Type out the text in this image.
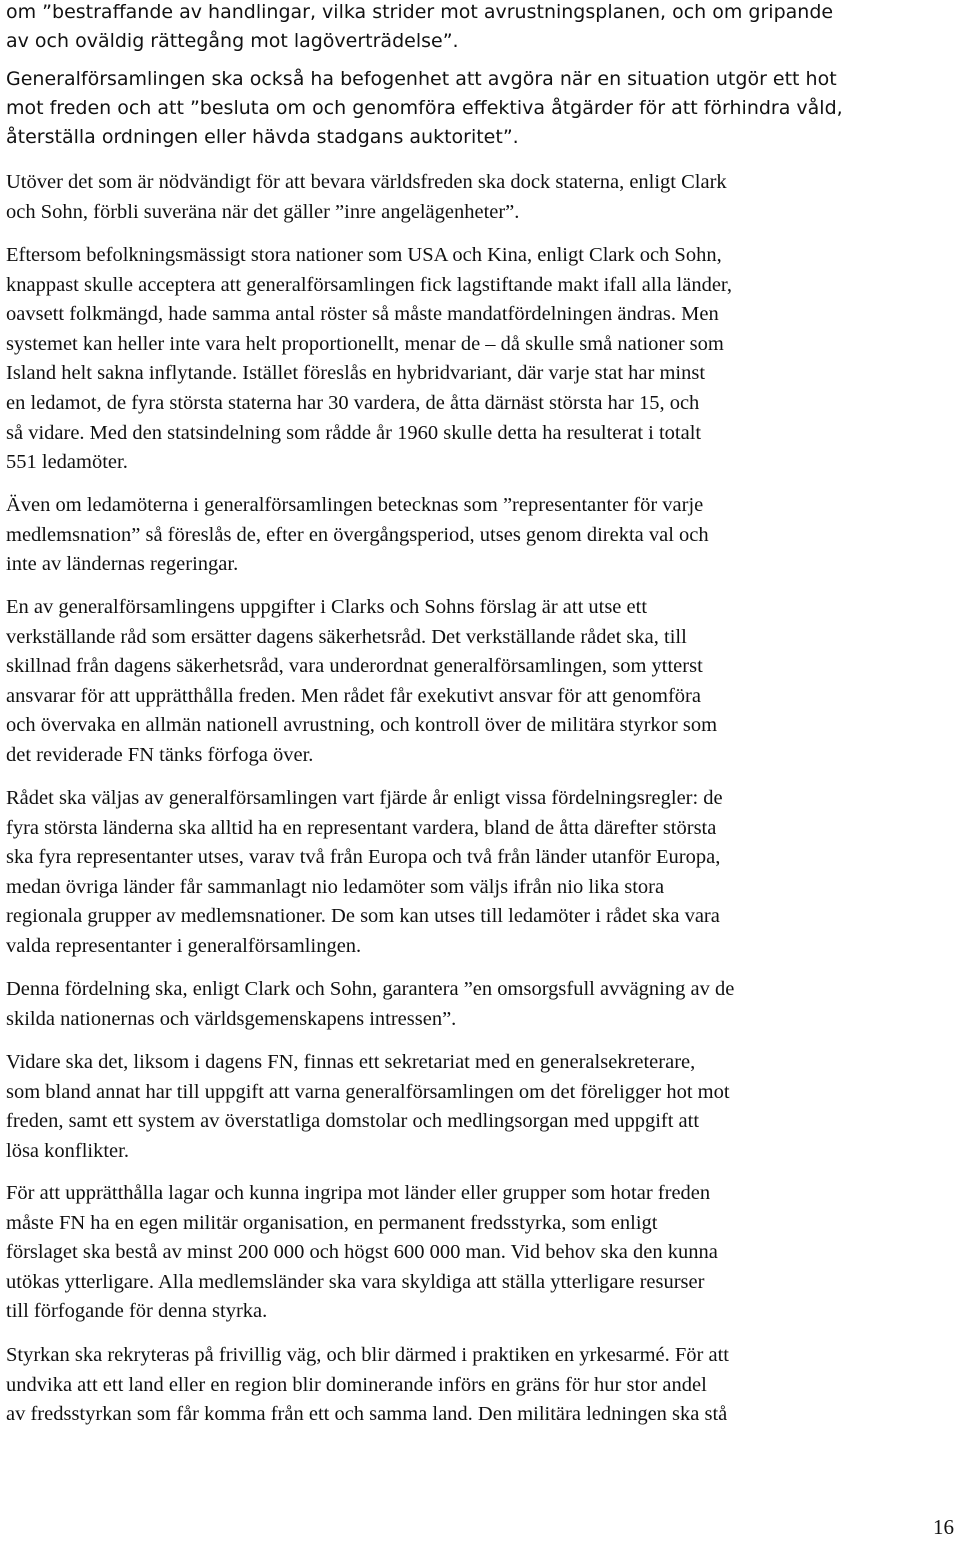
om ”bestraffande av handlingar, vilka strider mot avrustningsplanen, och om gripande
av och oväldig rättegång mot lagöverträdelse”.

Generalförsamlingen ska också ha befogenhet att avgöra när en situation utgör ett hot
mot freden och att ”besluta om och genomföra effektiva åtgärder för att förhindra våld,
återställa ordningen eller hävda stadgans auktoritet”.

Utöver det som är nödvändigt för att bevara världsfreden ska dock staterna, enligt Clark
och Sohn, förbli suveräna när det gäller ”inre angelägenheter”.

Eftersom befolkningsmässigt stora nationer som USA och Kina, enligt Clark och Sohn,
knappast skulle acceptera att generalförsamlingen fick lagstiftande makt ifall alla länder,
oavsett folkmängd, hade samma antal röster så måste mandatfördelningen ändras. Men
systemet kan heller inte vara helt proportionellt, menar de – då skulle små nationer som
Island helt sakna inflytande. Istället föreslås en hybridvariant, där varje stat har minst
en ledamot, de fyra största staterna har 30 vardera, de åtta därnäst största har 15, och
så vidare. Med den statsindelning som rådde år 1960 skulle detta ha resulterat i totalt
551 ledamöter.

Även om ledamöterna i generalförsamlingen betecknas som ”representanter för varje
medlemsnation” så föreslås de, efter en övergångsperiod, utses genom direkta val och
inte av ländernas regeringar.

En av generalförsamlingens uppgifter i Clarks och Sohns förslag är att utse ett
verkställande råd som ersätter dagens säkerhetsråd. Det verkställande rådet ska, till
skillnad från dagens säkerhetsråd, vara underordnat generalförsamlingen, som ytterst
ansvarar för att upprätthålla freden. Men rådet får exekutivt ansvar för att genomföra
och övervaka en allmän nationell avrustning, och kontroll över de militära styrkor som
det reviderade FN tänks förfoga över.

Rådet ska väljas av generalförsamlingen vart fjärde år enligt vissa fördelningsregler: de
fyra största länderna ska alltid ha en representant vardera, bland de åtta därefter största
ska fyra representanter utses, varav två från Europa och två från länder utanför Europa,
medan övriga länder får sammanlagt nio ledamöter som väljs ifrån nio lika stora
regionala grupper av medlemsnationer. De som kan utses till ledamöter i rådet ska vara
valda representanter i generalförsamlingen.

Denna fördelning ska, enligt Clark och Sohn, garantera ”en omsorgsfull avvägning av de
skilda nationernas och världsgemenskapens intressen”.

Vidare ska det, liksom i dagens FN, finnas ett sekretariat med en generalsekreterare,
som bland annat har till uppgift att varna generalförsamlingen om det föreligger hot mot
freden, samt ett system av överstatliga domstolar och medlingsorgan med uppgift att
lösa konflikter.

För att upprätthålla lagar och kunna ingripa mot länder eller grupper som hotar freden
måste FN ha en egen militär organisation, en permanent fredsstyrka, som enligt
förslaget ska bestå av minst 200 000 och högst 600 000 man. Vid behov ska den kunna
utökas ytterligare. Alla medlemsländer ska vara skyldiga att ställa ytterligare resurser
till förfogande för denna styrka.

Styrkan ska rekryteras på frivillig väg, och blir därmed i praktiken en yrkesarmé. För att
undvika att ett land eller en region blir dominerande införs en gräns för hur stor andel
av fredsstyrkan som får komma från ett och samma land. Den militära ledningen ska stå

16
